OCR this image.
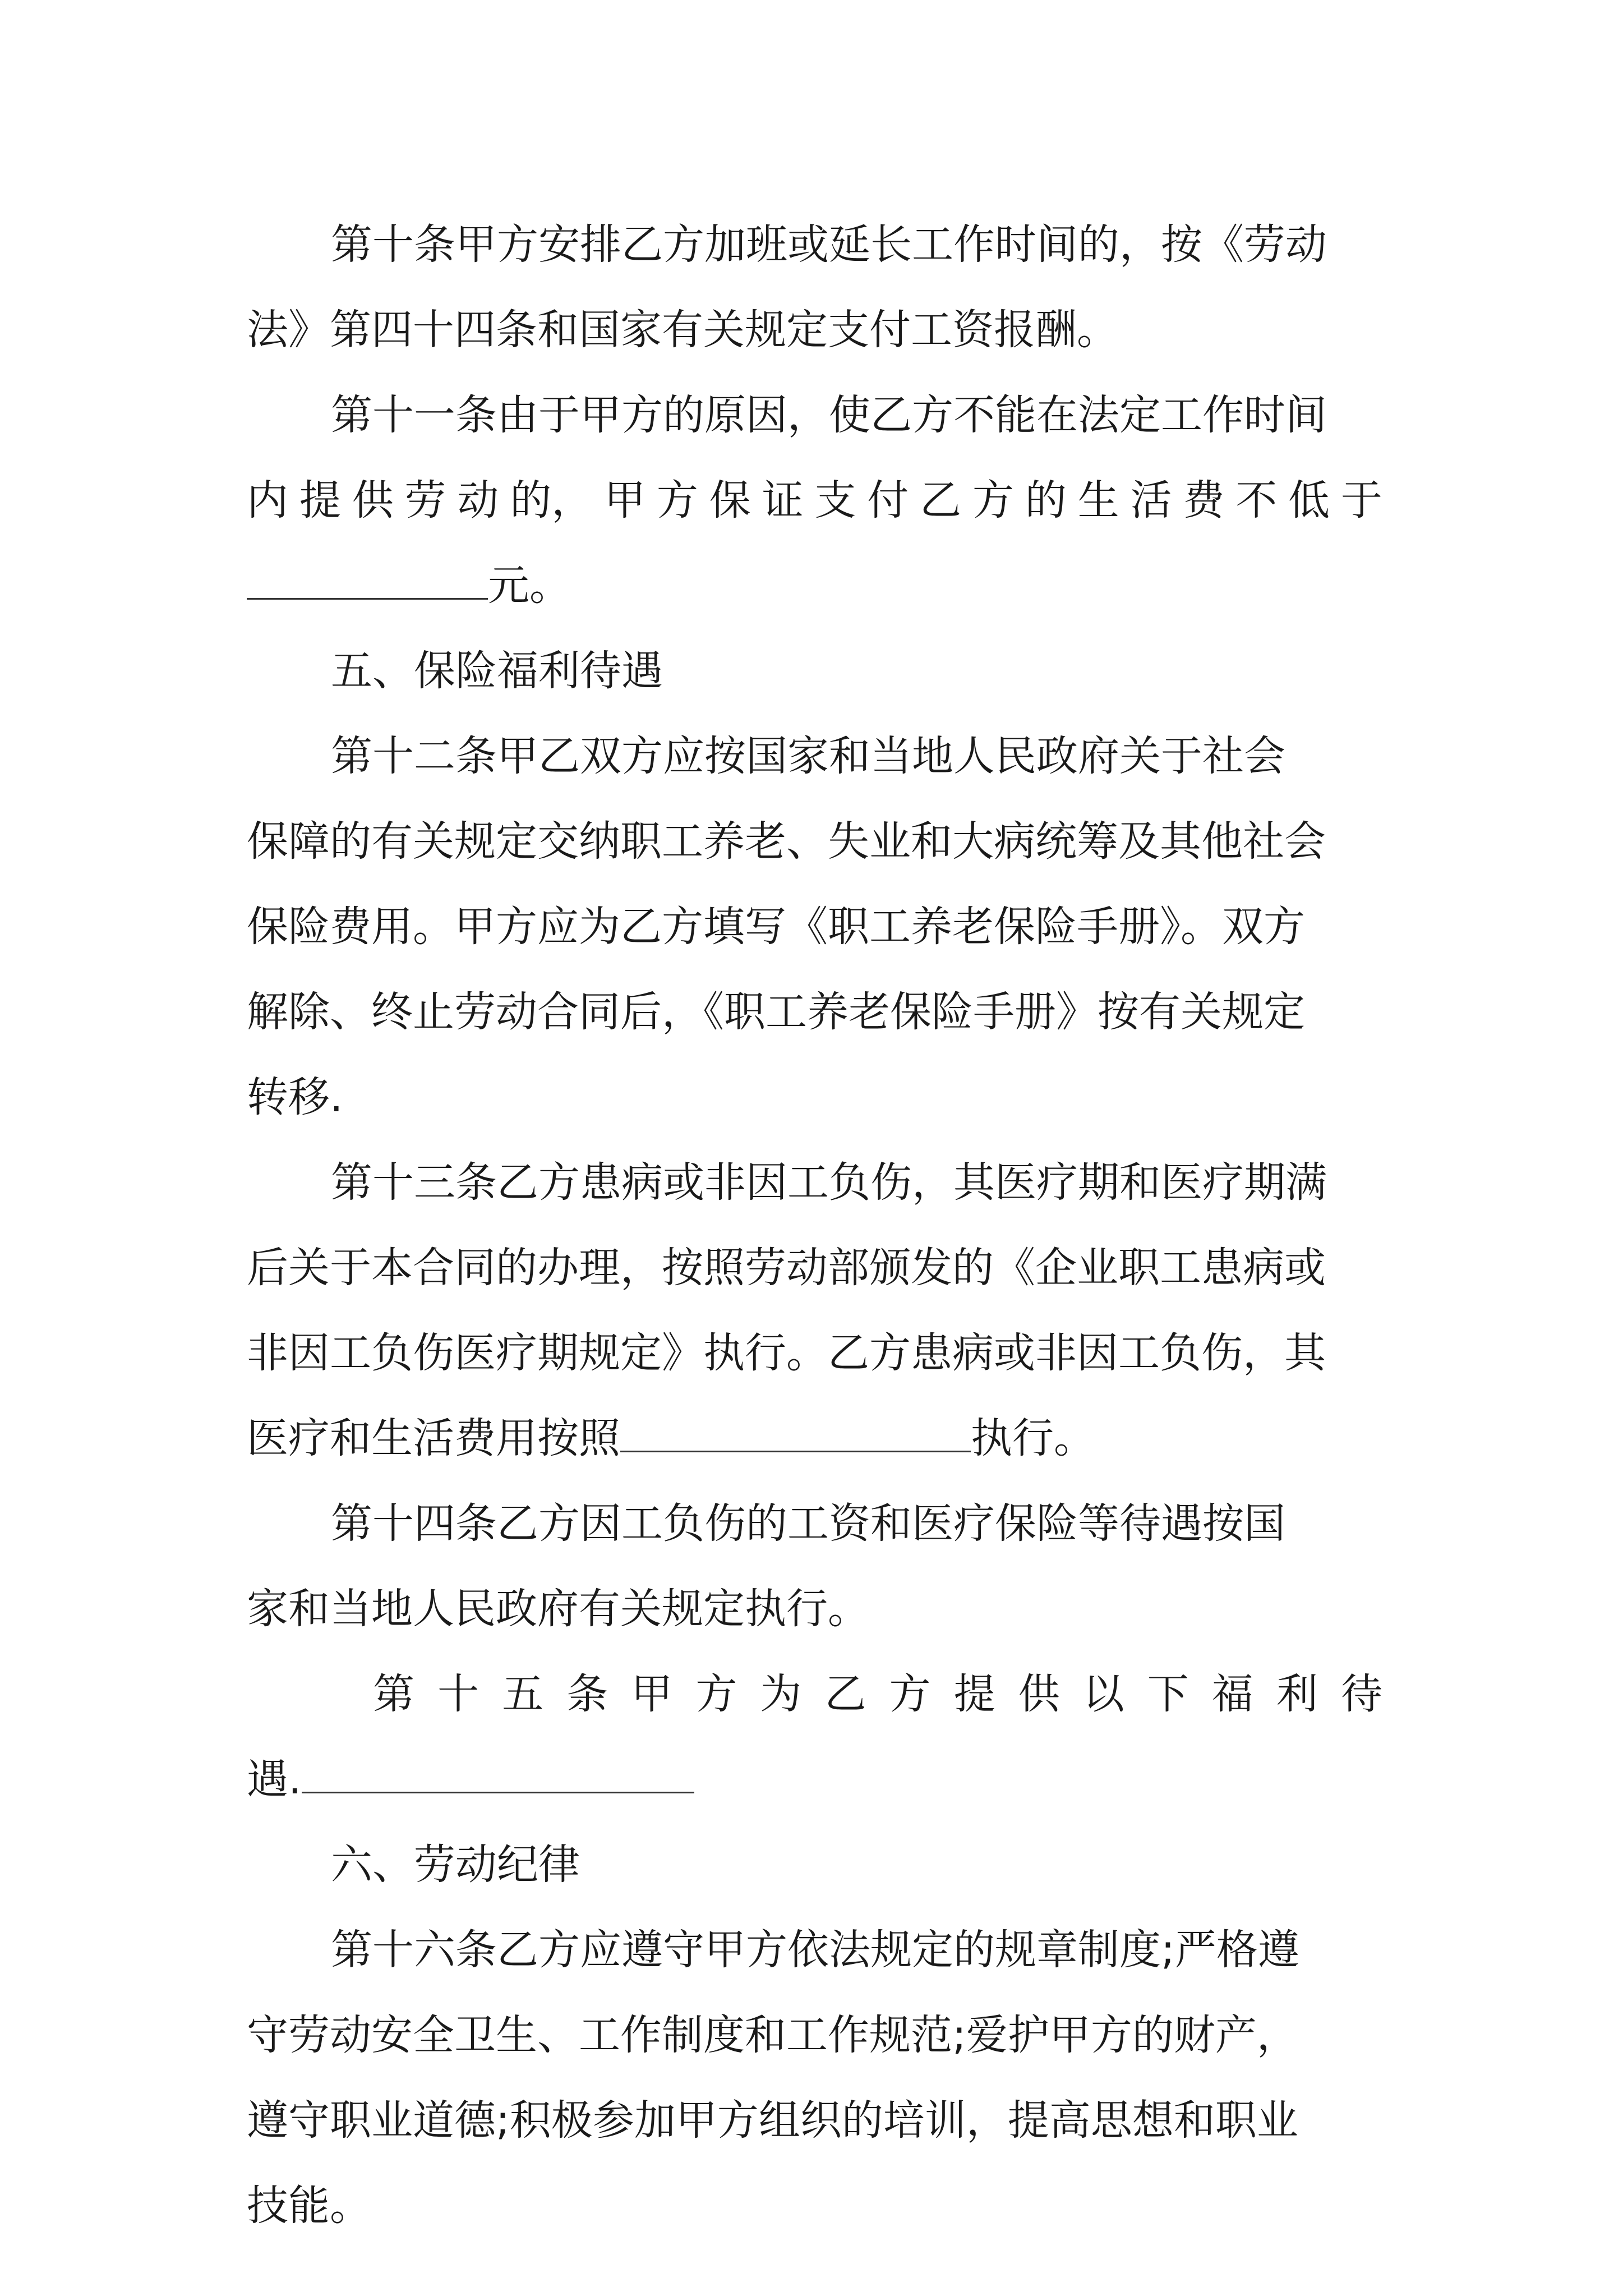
第十条甲方安排乙方加班或延长工作时间的，按《劳动
法》第四十四条和国家有关规定支付工资报酬。
第十一条由于甲方的原因，使乙方不能在法定工作时间
内 提 供 劳 动 的， 甲 方 保 证 支 付 乙 方 的 生 活 费 不 低 于
元。
五、保险福利待遇
第十二条甲乙双方应按国家和当地人民政府关于社会
保障的有关规定交纳职工养老、失业和大病统筹及其他社会
保险费用。甲方应为乙方填写《职工养老保险手册》。双方
解除、终止劳动合同后，《职工养老保险手册》按有关规定
转移.
第十三条乙方患病或非因工负伤，其医疗期和医疗期满
后关于本合同的办理，按照劳动部颁发的《企业职工患病或
非因工负伤医疗期规定》执行。乙方患病或非因工负伤，其
医疗和生活费用按照	执行。
第十四条乙方因工负伤的工资和医疗保险等待遇按国
家和当地人民政府有关规定执行。
第 十 五 条 甲 方 为 乙 方 提 供 以 下 福 利 待
遇.
六、劳动纪律
第十六条乙方应遵守甲方依法规定的规章制度;严格遵
守劳动安全卫生、工作制度和工作规范;爱护甲方的财产，
遵守职业道德;积极参加甲方组织的培训，提高思想和职业
技能。
